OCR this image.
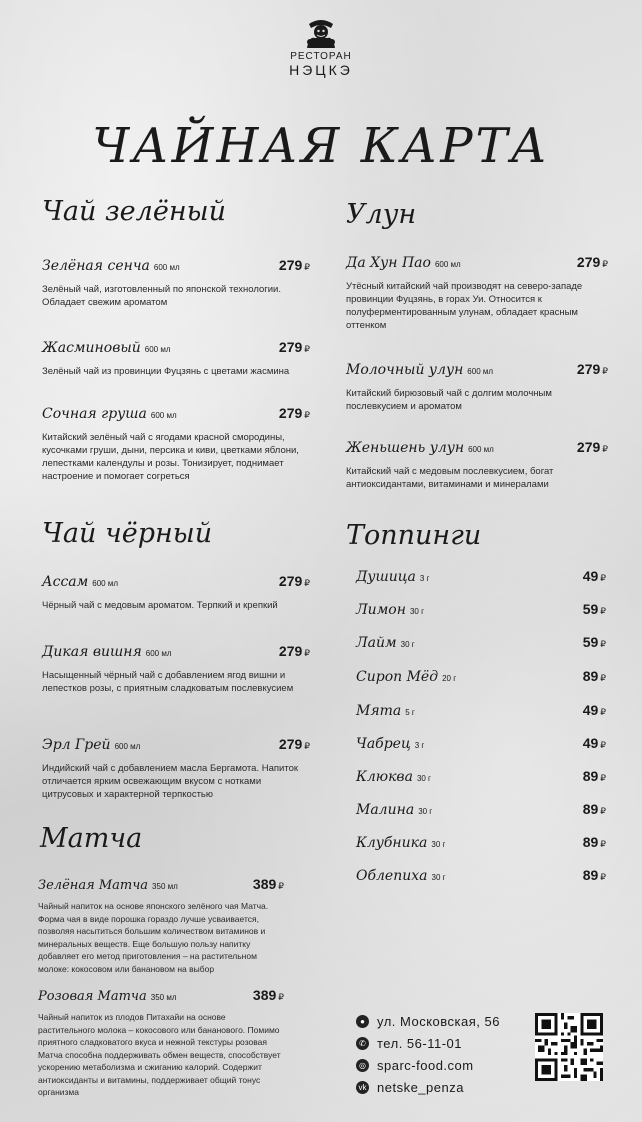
РЕСТОРАН
НЭЦКЭ
ЧАЙНАЯ КАРТА
Чай зелёный
Зелёная сенча 600 мл	279 ₽
Зелёный чай, изготовленный по японской технологии. Обладает свежим ароматом
Жасминовый 600 мл	279 ₽
Зелёный чай из провинции Фуцзянь с цветами жасмина
Сочная груша 600 мл	279 ₽
Китайский зелёный чай с ягодами красной смородины, кусочками груши, дыни, персика и киви, цветками яблони, лепестками календулы и розы. Тонизирует, поднимает настроение и помогает согреться
Чай чёрный
Ассам 600 мл	279 ₽
Чёрный чай с медовым ароматом. Терпкий и крепкий
Дикая вишня 600 мл	279 ₽
Насыщенный чёрный чай с добавлением ягод вишни и лепестков розы, с приятным сладковатым послевкусием
Эрл Грей 600 мл	279 ₽
Индийский чай с добавлением масла Бергамота. Напиток отличается ярким освежающим вкусом с нотками цитрусовых и характерной терпкостью
Матча
Зелёная Матча 350 мл	389 ₽
Чайный напиток на основе японского зелёного чая Матча. Форма чая в виде порошка гораздо лучше усваивается, позволяя насытиться большим количеством витаминов и минеральных веществ. Еще большую пользу напитку добавляет его метод приготовления – на растительном молоке: кокосовом или банановом на выбор
Розовая Матча 350 мл	389 ₽
Чайный напиток из плодов Питахайи на основе растительного молока – кокосового или бананового. Помимо приятного сладковатого вкуса и нежной текстуры розовая Матча способна поддерживать обмен веществ, способствует ускорению метаболизма и сжиганию калорий. Содержит антиоксиданты и витамины, поддерживает общий тонус организма
Улун
Да Хун Пао 600 мл	279 ₽
Утёсный китайский чай производят на северо-западе провинции Фуцзянь, в горах Уи. Относится к полуферментированным улунам, обладает красным оттенком
Молочный улун 600 мл	279 ₽
Китайский бирюзовый чай с долгим молочным послевкусием и ароматом
Женьшень улун 600 мл	279 ₽
Китайский чай с медовым послевкусием, богат антиоксидантами, витаминами и минералами
Топпинги
Душица 3 г	49 ₽
Лимон 30 г	59 ₽
Лайм 30 г	59 ₽
Сироп Мёд 20 г	89 ₽
Мята 5 г	49 ₽
Чабрец 3 г	49 ₽
Клюква 30 г	89 ₽
Малина 30 г	89 ₽
Клубника 30 г	89 ₽
Облепиха 30 г	89 ₽
● ул. Московская, 56
✆ тел. 56-11-01
◎ sparc-food.com
vk netske_penza
